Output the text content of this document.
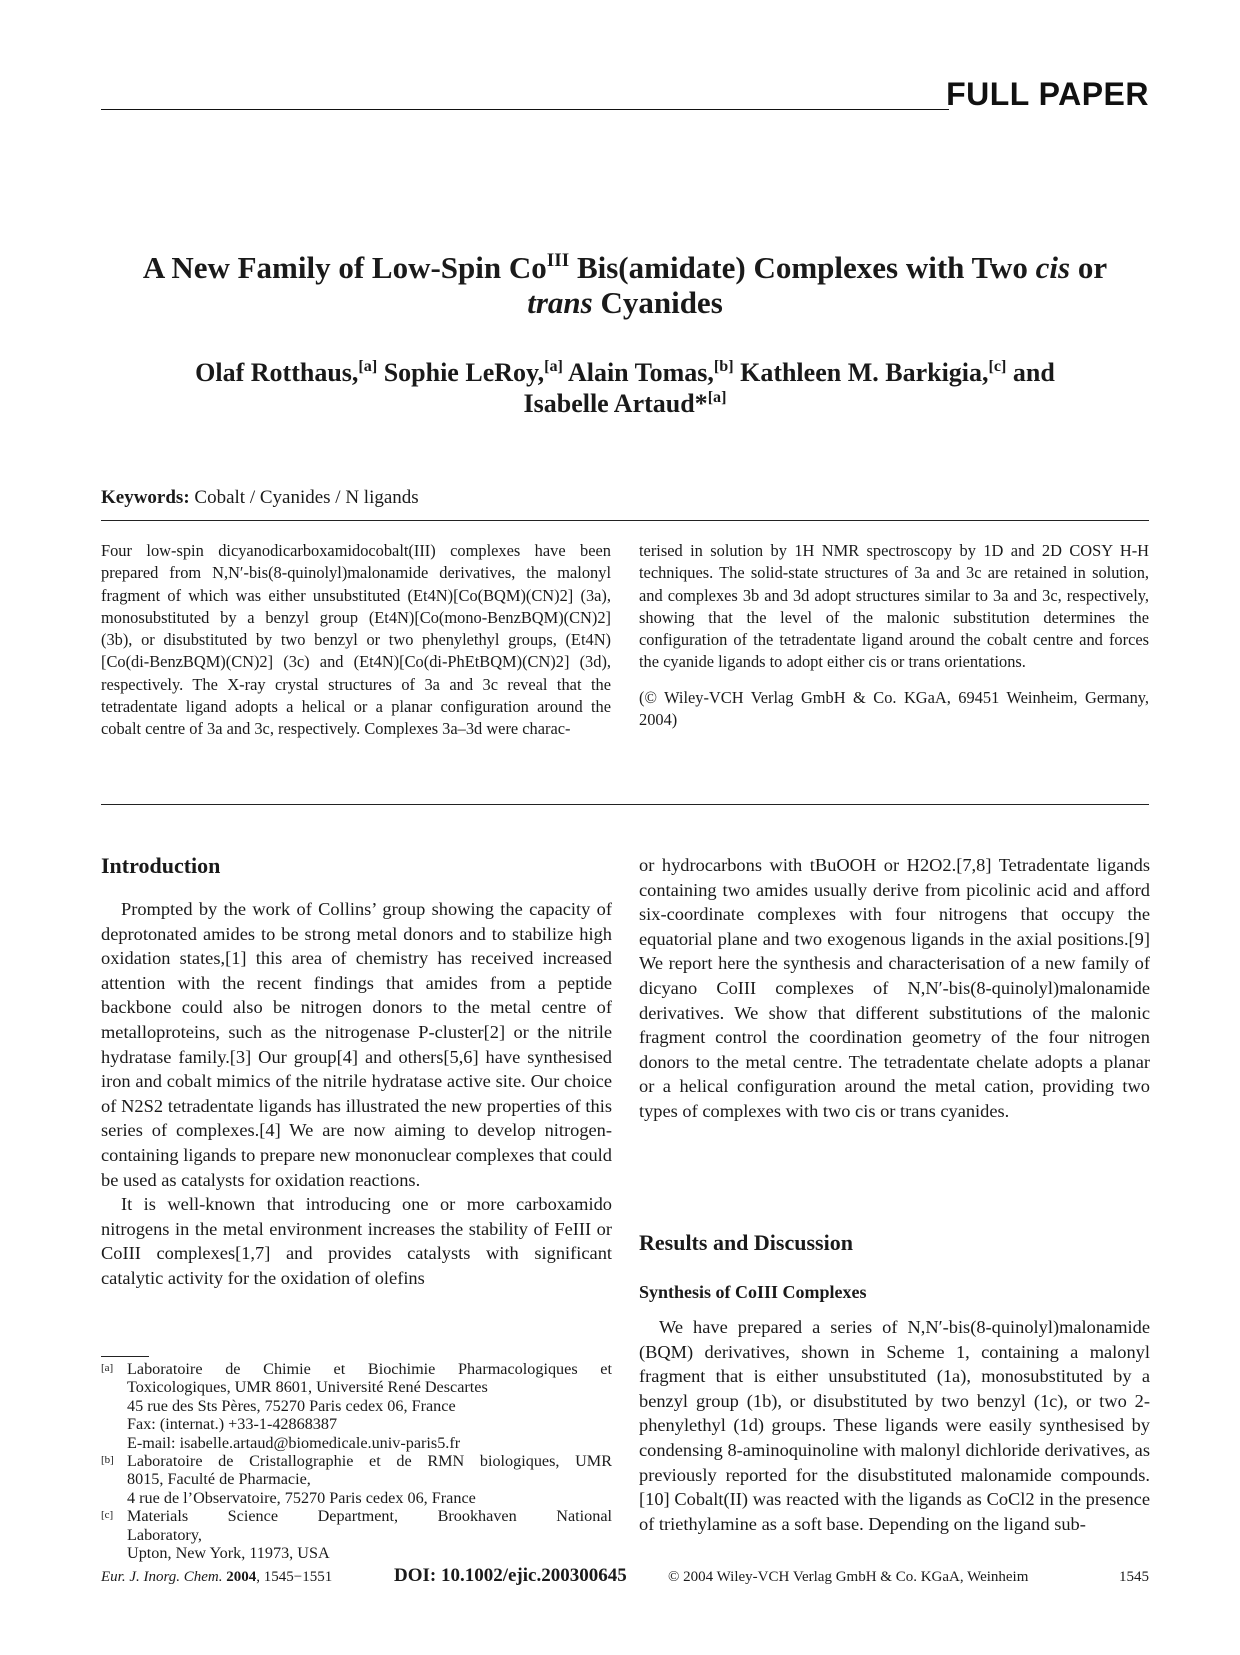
FULL PAPER
A New Family of Low-Spin $Co^{III}$ Bis(amidate) Complexes with Two cis or
trans Cyanides
Olaf Rotthaus,[a] Sophie LeRoy,[a] Alain Tomas,[b] Kathleen M. Barkigia,[c] and
Isabelle Artaud*[a]
Keywords: Cobalt / Cyanides / N ligands

Four low-spin dicyanodicarboxamidocobalt(III) complexes have been prepared from N,N′-bis(8-quinolyl)malonamide derivatives, the malonyl fragment of which was either unsubstituted (Et4N)[Co(BQM)(CN)2] (3a), monosubstituted by a benzyl group (Et4N)[Co(mono-BenzBQM)(CN)2] (3b), or disubstituted by two benzyl or two phenylethyl groups, (Et4N)[Co(di-BenzBQM)(CN)2] (3c) and (Et4N)[Co(di-PhEtBQM)(CN)2] (3d), respectively. The X-ray crystal structures of 3a and 3c reveal that the tetradentate ligand adopts a helical or a planar configuration around the cobalt centre of 3a and 3c, respectively. Complexes 3a–3d were charac-

terised in solution by 1H NMR spectroscopy by 1D and 2D COSY H-H techniques. The solid-state structures of 3a and 3c are retained in solution, and complexes 3b and 3d adopt structures similar to 3a and 3c, respectively, showing that the level of the malonic substitution determines the configuration of the tetradentate ligand around the cobalt centre and forces the cyanide ligands to adopt either cis or trans orientations.

(© Wiley-VCH Verlag GmbH & Co. KGaA, 69451 Weinheim, Germany, 2004)

Introduction

Prompted by the work of Collins’ group showing the capacity of deprotonated amides to be strong metal donors and to stabilize high oxidation states,[1] this area of chemistry has received increased attention with the recent findings that amides from a peptide backbone could also be nitrogen donors to the metal centre of metalloproteins, such as the nitrogenase P-cluster[2] or the nitrile hydratase family.[3] Our group[4] and others[5,6] have synthesised iron and cobalt mimics of the nitrile hydratase active site. Our choice of N2S2 tetradentate ligands has illustrated the new properties of this series of complexes.[4] We are now aiming to develop nitrogen-containing ligands to prepare new mononuclear complexes that could be used as catalysts for oxidation reactions.

It is well-known that introducing one or more carboxamido nitrogens in the metal environment increases the stability of FeIII or CoIII complexes[1,7] and provides catalysts with significant catalytic activity for the oxidation of olefins

or hydrocarbons with tBuOOH or H2O2.[7,8] Tetradentate ligands containing two amides usually derive from picolinic acid and afford six-coordinate complexes with four nitrogens that occupy the equatorial plane and two exogenous ligands in the axial positions.[9] We report here the synthesis and characterisation of a new family of dicyano CoIII complexes of N,N′-bis(8-quinolyl)malonamide derivatives. We show that different substitutions of the malonic fragment control the coordination geometry of the four nitrogen donors to the metal centre. The tetradentate chelate adopts a planar or a helical configuration around the metal cation, providing two types of complexes with two cis or trans cyanides.

Results and Discussion
Synthesis of CoIII Complexes

We have prepared a series of N,N′-bis(8-quinolyl)malonamide (BQM) derivatives, shown in Scheme 1, containing a malonyl fragment that is either unsubstituted (1a), monosubstituted by a benzyl group (1b), or disubstituted by two benzyl (1c), or two 2-phenylethyl (1d) groups. These ligands were easily synthesised by condensing 8-aminoquinoline with malonyl dichloride derivatives, as previously reported for the disubstituted malonamide compounds.[10] Cobalt(II) was reacted with the ligands as CoCl2 in the presence of triethylamine as a soft base. Depending on the ligand sub-

[a] Laboratoire de Chimie et Biochimie Pharmacologiques et
Toxicologiques, UMR 8601, Université René Descartes
45 rue des Sts Pères, 75270 Paris cedex 06, France
Fax: (internat.) +33-1-42868387
E-mail: isabelle.artaud@biomedicale.univ-paris5.fr
[b] Laboratoire de Cristallographie et de RMN biologiques, UMR
8015, Faculté de Pharmacie,
4 rue de l’Observatoire, 75270 Paris cedex 06, France
[c] Materials Science Department, Brookhaven National
Laboratory,
Upton, New York, 11973, USA
Eur. J. Inorg. Chem. 2004, 1545−1551	DOI: 10.1002/ejic.200300645	© 2004 Wiley-VCH Verlag GmbH & Co. KGaA, Weinheim	1545
